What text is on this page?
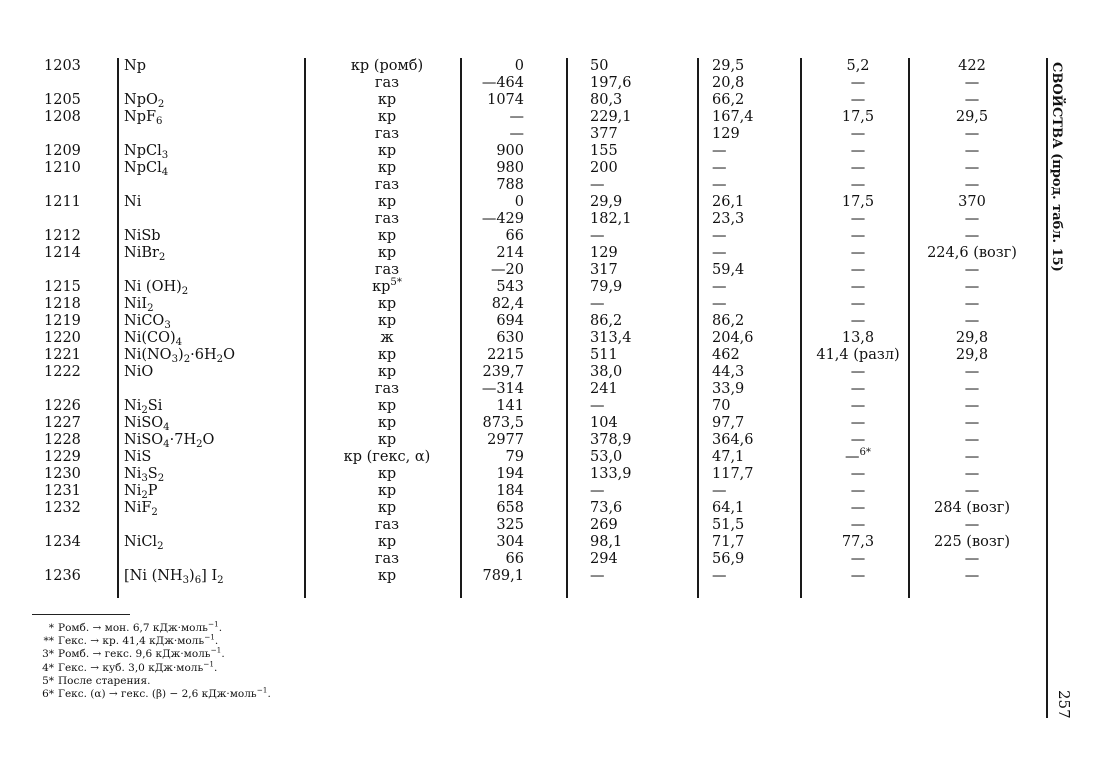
1203	Np	кр (ромб)	0	50	29,5	5,2	422
газ	—464	197,6	20,8	—	—
1205	NpO$_2$	кр	1074	80,3	66,2	—	—
1208	NpF$_6$	кр	—	229,1	167,4	17,5	29,5
газ	—	377	129	—	—
1209	NpCl$_3$	кр	900	155	—	—	—
1210	NpCl$_4$	кр	980	200	—	—	—
газ	788	—	—	—	—
1211	Ni	кр	0	29,9	26,1	17,5	370
газ	—429	182,1	23,3	—	—
1212	NiSb	кр	66	—	—	—	—
1214	NiBr$_2$	кр	214	129	—	—	224,6 (возг)
газ	—20	317	59,4	—	—
1215	Ni $(OH)_2$	$кр^{5*}$	543	79,9	—	—	—
1218	NiI$_2$	кр	82,4	—	—	—	—
1219	NiCO$_3$	кр	694	86,2	86,2	—	—
1220	$Ni(CO)_4$	ж	630	313,4	204,6	13,8	29,8
1221	$Ni(NO_3)_2\cdot 6H_2O$	кр	2215	511	462	41,4 (разл)	29,8
1222	NiO	кр	239,7	38,0	44,3	—	—
газ	—314	241	33,9	—	—
1226	$Ni_2Si$	кр	141	—	70	—	—
1227	NiSO$_4$	кр	873,5	104	97,7	—	—
1228	$NiSO_4\cdot 7H_2O$	кр	2977	378,9	364,6	—	—
1229	NiS	кр (гекс, α)	79	53,0	47,1	—$^{6*}$	—
1230	$Ni_3S_2$	кр	194	133,9	117,7	—	—
1231	$Ni_2P$	кр	184	—	—	—	—
1232	NiF$_2$	кр	658	73,6	64,1	—	284 (возг)
газ	325	269	51,5	—	—
1234	NiCl$_2$	кр	304	98,1	71,7	77,3	225 (возг)
газ	66	294	56,9	—	—
1236	[Ni $(NH_3)_6$] $I_2$	кр	789,1	—	—	—	—
СВОЙСТВА (прод. табл. 15)
257
* Ромб. → мон. 6,7 кДж·моль$^{-1}$.
** Гекс. → кр. 41,4 кДж·моль$^{-1}$.
3* Ромб. → гекс. 9,6 кДж·моль$^{-1}$.
4* Гекс. → куб. 3,0 кДж·моль$^{-1}$.
5* После старения.
6* Гекс. (α) → гекс. (β) − 2,6 кДж·моль$^{-1}$.
